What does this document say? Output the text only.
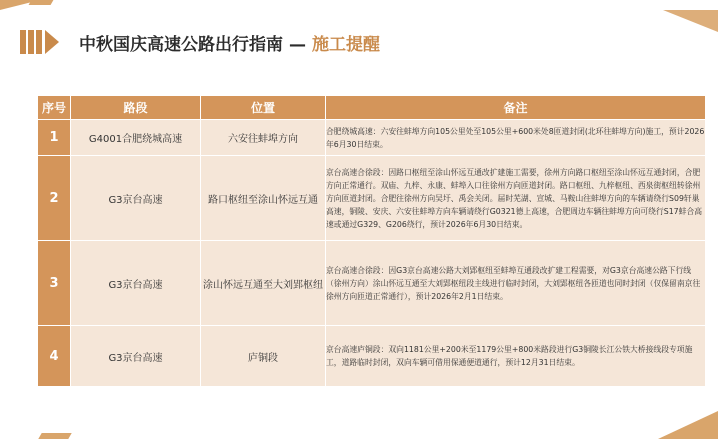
中秋国庆高速公路出行指南 — 施工提醒
序号	路段	位置	备注
1	G4001合肥绕城高速	六安往蚌埠方向	合肥绕城高速：六安往蚌埠方向105公里处至105公里+600米处8匝道封闭(北环往蚌埠方向)施工，预计2026年6月30日结束。
2	G3京台高速	路口枢纽至涂山怀远互通	京台高速合徐段：因路口枢纽至涂山怀远互通改扩建施工需要，徐州方向路口枢纽至涂山怀远互通封闭，合肥方向正常通行。双庙、九梓、永康、蚌埠入口往徐州方向匝道封闭。路口枢纽、九梓枢纽、西泉街枢纽转徐州方向匝道封闭。合肥往徐州方向吴圩、禹会关闭。届时芜湖、宣城、马鞍山往蚌埠方向的车辆请绕行S09轩巢高速，铜陵、安庆、六安往蚌埠方向车辆请绕行G0321德上高速，合肥周边车辆往蚌埠方向可绕行S17蚌合高速或通过G329、G206绕行，预计2026年6月30日结束。
3	G3京台高速	涂山怀远互通至大刘郢枢纽	京台高速合徐段：因G3京台高速公路大刘郢枢纽至蚌埠互通段改扩建工程需要，对G3京台高速公路下行线（徐州方向）涂山怀远互通至大刘郢枢纽段主线进行临时封闭，大刘郢枢纽各匝道也同时封闭（仅保留南京往徐州方向匝道正常通行），预计2026年2月1日结束。
4	G3京台高速	庐铜段	京台高速庐铜段：双向1181公里+200米至1179公里+800米路段进行G3铜陵长江公铁大桥接线段专项施工，道路临时封闭，双向车辆可借用保通便道通行，预计12月31日结束。
